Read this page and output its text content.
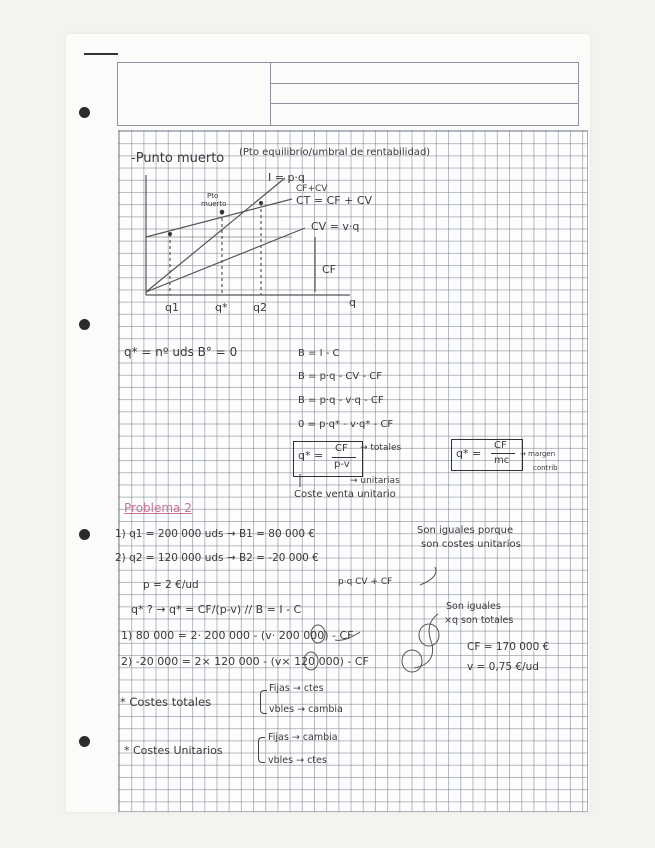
-Punto muerto (Pto equilibrio/umbral de rentabilidad)
I = p·q
CF+CV
CT = CF + CV
CV = v·q
CF
Pto
muerto
q1	q* q2	q
q* = nº uds B° = 0	B = I - C
B = p·q - CV - CF
B = p·q - v·q - CF
0 = p·q* - v·q* - CF
q* =
CF
p-v
→ totales
→ unitarias
Coste venta unitario
q* =
CF
mc
→ margen
contrib
Problema 2
1) q1 = 200 000 uds → B1 = 80 000 €
2) q2 = 120 000 uds → B2 = -20 000 €
Son iguales porque
son costes unitarios
p = 2 €/ud	p·q CV + CF
q* ? → q* = CF/(p-v) // B = I - C
1) 80 000 = 2· 200 000 - (v· 200 000) - CF
2) -20 000 = 2× 120 000 - (v× 120 000) - CF
Son iguales
×q son totales
CF = 170 000 €
v = 0,75 €/ud
* Costes totales
Fijas → ctes
vbles → cambia
* Costes Unitarios
Fijas → cambia
vbles → ctes
